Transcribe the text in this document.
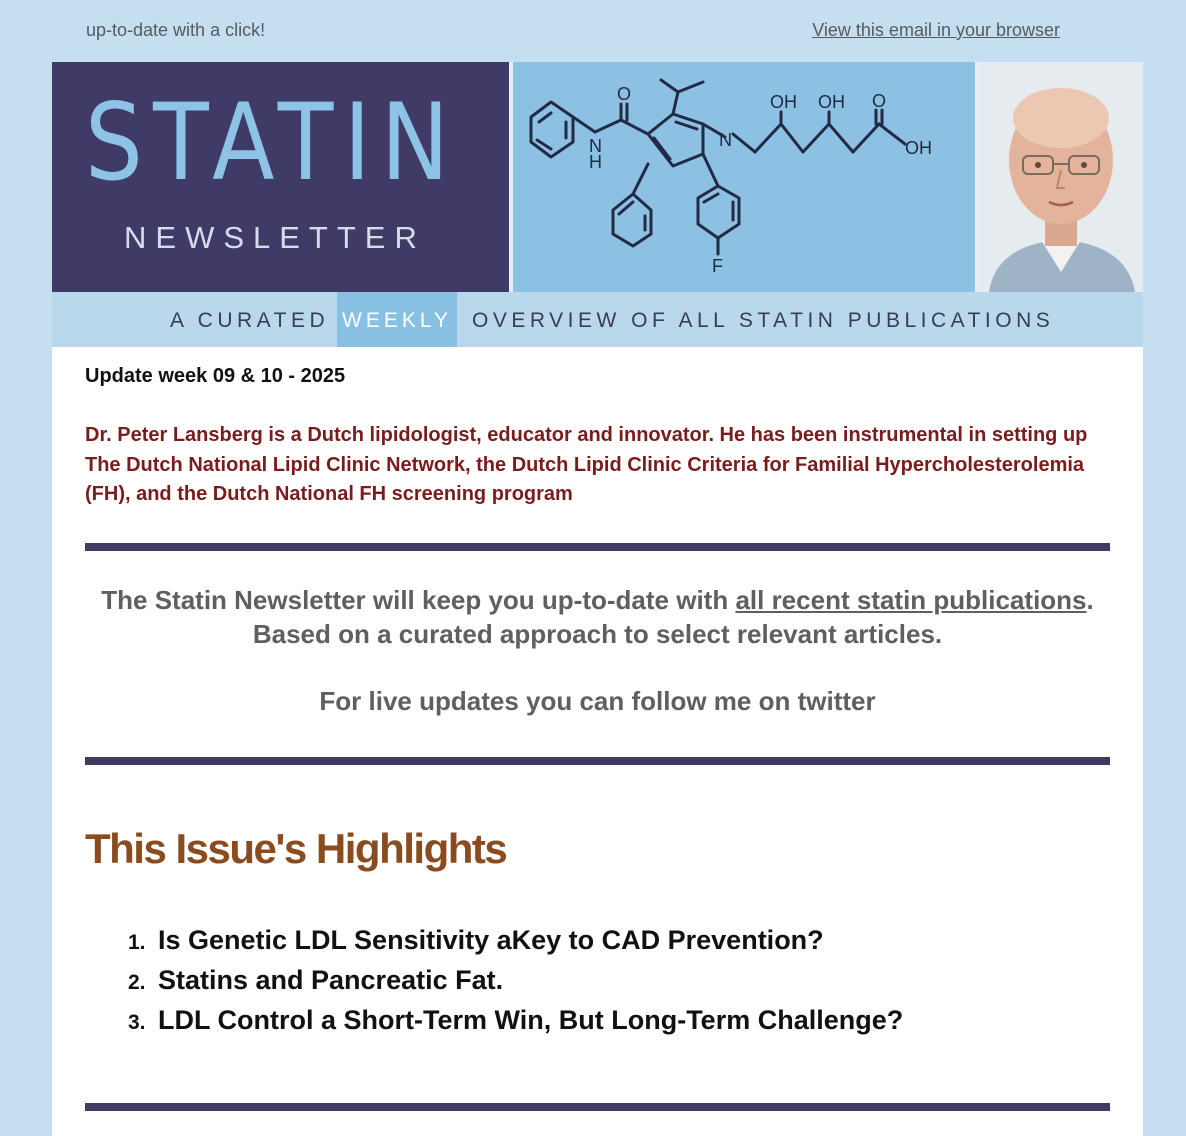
up-to-date with a click!	View this email in your browser
STATIN
NEWSLETTER
O
N
H
N
OH OH O
OH
F
A CURATED WEEKLY OVERVIEW OF ALL STATIN PUBLICATIONS
Update week 09 & 10 - 2025
Dr. Peter Lansberg is a Dutch lipidologist, educator and innovator. He has been instrumental in setting up The Dutch National Lipid Clinic Network, the Dutch Lipid Clinic Criteria for Familial Hypercholesterolemia (FH), and the Dutch National FH screening program
The Statin Newsletter will keep you up-to-date with all recent statin publications. Based on a curated approach to select relevant articles.
For live updates you can follow me on twitter
This Issue's Highlights
1. Is Genetic LDL Sensitivity aKey to CAD Prevention?
2. Statins and Pancreatic Fat.
3. LDL Control a Short-Term Win, But Long-Term Challenge?
